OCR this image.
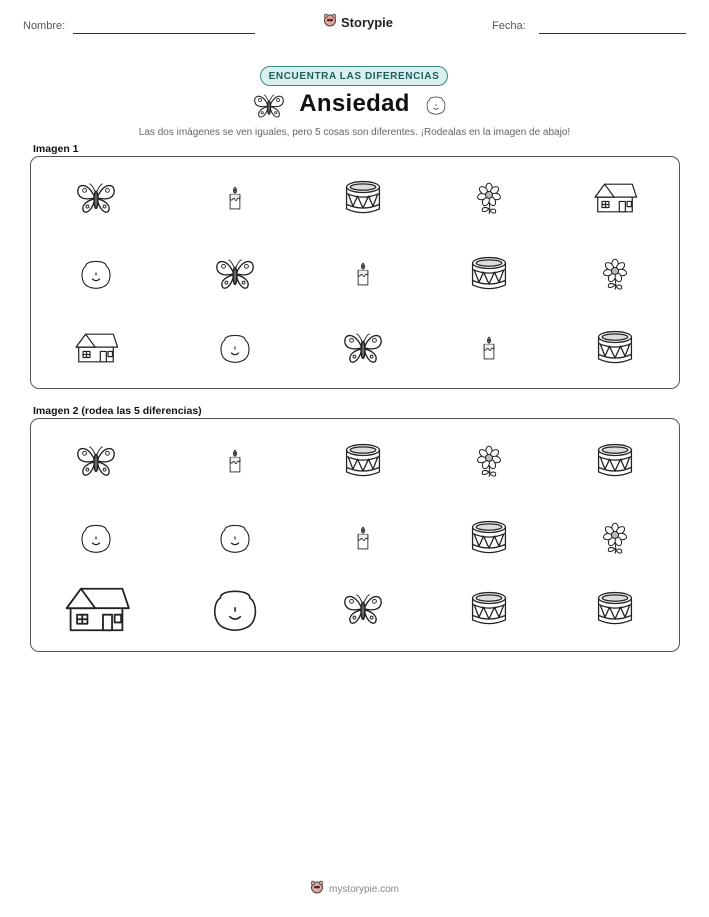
Nombre:	Storypie	Fecha:
ENCUENTRA LAS DIFERENCIAS
Ansiedad
Las dos imágenes se ven iguales, pero 5 cosas son diferentes. ¡Rodealas en la imagen de abajo!
Imagen 1
Imagen 2 (rodea las 5 diferencias)
mystorypie.com
